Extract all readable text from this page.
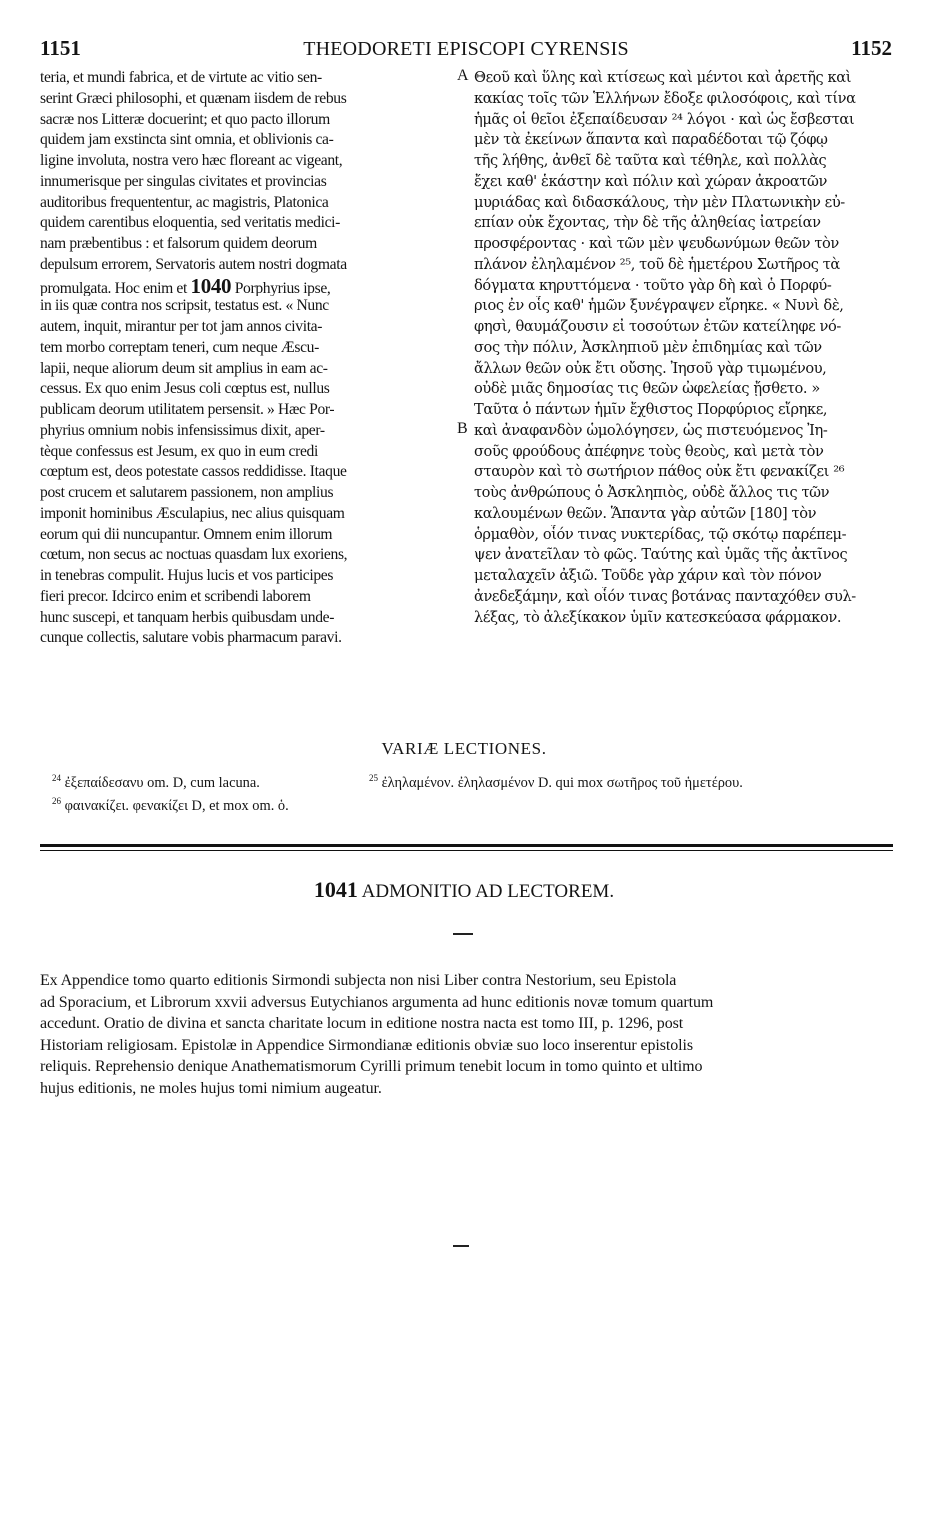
1151	THEODORETI EPISCOPI CYRENSIS	1152
teria, et mundi fabrica, et de virtute ac vitio sen-
serint Græci philosophi, et quænam iisdem de rebus
sacræ nos Litteræ docuerint; et quo pacto illorum
quidem jam exstincta sint omnia, et oblivionis ca-
ligine involuta, nostra vero hæc floreant ac vigeant,
innumerisque per singulas civitates et provincias
auditoribus frequententur, ac magistris, Platonica
quidem carentibus eloquentia, sed veritatis medici-
nam præbentibus : et falsorum quidem deorum
depulsum errorem, Servatoris autem nostri dogmata
promulgata. Hoc enim et 1040 Porphyrius ipse,
in iis quæ contra nos scripsit, testatus est. « Nunc
autem, inquit, mirantur per tot jam annos civita-
tem morbo correptam teneri, cum neque Æscu-
lapii, neque aliorum deum sit amplius in eam ac-
cessus. Ex quo enim Jesus coli cœptus est, nullus
publicam deorum utilitatem persensit. » Hæc Por-
phyrius omnium nobis infensissimus dixit, aper-
tèque confessus est Jesum, ex quo in eum credi
cœptum est, deos potestate cassos reddidisse. Itaque
post crucem et salutarem passionem, non amplius
imponit hominibus Æsculapius, nec alius quisquam
eorum qui dii nuncupantur. Omnem enim illorum
cœtum, non secus ac noctuas quasdam lux exoriens,
in tenebras compulit. Hujus lucis et vos participes
fieri precor. Idcirco enim et scribendi laborem
hunc suscepi, et tanquam herbis quibusdam unde-
cunque collectis, salutare vobis pharmacum paravi.
A
B
Θεοῦ καὶ ὕλης καὶ κτίσεως καὶ μέντοι καὶ ἀρετῆς καὶ
κακίας τοῖς τῶν Ἑλλήνων ἔδοξε φιλοσόφοις, καὶ τίνα
ἡμᾶς οἱ θεῖοι ἐξεπαίδευσαν ²⁴ λόγοι · καὶ ὡς ἔσβεσται
μὲν τὰ ἐκείνων ἅπαντα καὶ παραδέδοται τῷ ζόφῳ
τῆς λήθης, ἀνθεῖ δὲ ταῦτα καὶ τέθηλε, καὶ πολλὰς
ἔχει καθ' ἑκάστην καὶ πόλιν καὶ χώραν ἀκροατῶν
μυριάδας καὶ διδασκάλους, τὴν μὲν Πλατωνικὴν εὐ-
επίαν οὐκ ἔχοντας, τὴν δὲ τῆς ἀληθείας ἰατρείαν
προσφέροντας · καὶ τῶν μὲν ψευδωνύμων θεῶν τὸν
πλάνον ἐληλαμένον ²⁵, τοῦ δὲ ἡμετέρου Σωτῆρος τὰ
δόγματα κηρυττόμενα · τοῦτο γὰρ δὴ καὶ ὁ Πορφύ-
ριος ἐν οἷς καθ' ἡμῶν ξυνέγραψεν εἴρηκε. « Νυνὶ δὲ,
φησὶ, θαυμάζουσιν εἰ τοσούτων ἐτῶν κατείληφε νό-
σος τὴν πόλιν, Ἀσκληπιοῦ μὲν ἐπιδημίας καὶ τῶν
ἄλλων θεῶν οὐκ ἔτι οὔσης. Ἰησοῦ γὰρ τιμωμένου,
οὐδὲ μιᾶς δημοσίας τις θεῶν ὠφελείας ᾔσθετο. »
Ταῦτα ὁ πάντων ἡμῖν ἔχθιστος Πορφύριος εἴρηκε,
καὶ ἀναφανδὸν ὡμολόγησεν, ὡς πιστευόμενος Ἰη-
σοῦς φρούδους ἀπέφηνε τοὺς θεοὺς, καὶ μετὰ τὸν
σταυρὸν καὶ τὸ σωτήριον πάθος οὐκ ἔτι φενακίζει ²⁶
τοὺς ἀνθρώπους ὁ Ἀσκληπιὸς, οὐδὲ ἄλλος τις τῶν
καλουμένων θεῶν. Ἅπαντα γὰρ αὐτῶν [180] τὸν
ὁρμαθὸν, οἷόν τινας νυκτερίδας, τῷ σκότῳ παρέπεμ-
ψεν ἀνατεῖλαν τὸ φῶς. Ταύτης καὶ ὑμᾶς τῆς ἀκτῖνος
μεταλαχεῖν ἀξιῶ. Τοῦδε γὰρ χάριν καὶ τὸν πόνον
ἀνεδεξάμην, καὶ οἷόν τινας βοτάνας πανταχόθεν συλ-
λέξας, τὸ ἀλεξίκακον ὑμῖν κατεσκεύασα φάρμακον.
VARIÆ LECTIONES.
$^{24}$ ἐξεπαίδεσανυ om. D, cum lacuna.
$^{26}$ φαινακίζει. φενακίζει D, et mox om. ὁ.
$^{25}$ ἐληλαμένον. ἐληλασμένον D. qui mox σωτῆρος τοῦ ἡμετέρου.
1041 ADMONITIO AD LECTOREM.
Ex Appendice tomo quarto editionis Sirmondi subjecta non nisi Liber contra Nestorium, seu Epistola
ad Sporacium, et Librorum xxvii adversus Eutychianos argumenta ad hunc editionis novæ tomum quartum
accedunt. Oratio de divina et sancta charitate locum in editione nostra nacta est tomo III, p. 1296, post
Historiam religiosam. Epistolæ in Appendice Sirmondianæ editionis obviæ suo loco inserentur epistolis
reliquis. Reprehensio denique Anathematismorum Cyrilli primum tenebit locum in tomo quinto et ultimo
hujus editionis, ne moles hujus tomi nimium augeatur.
